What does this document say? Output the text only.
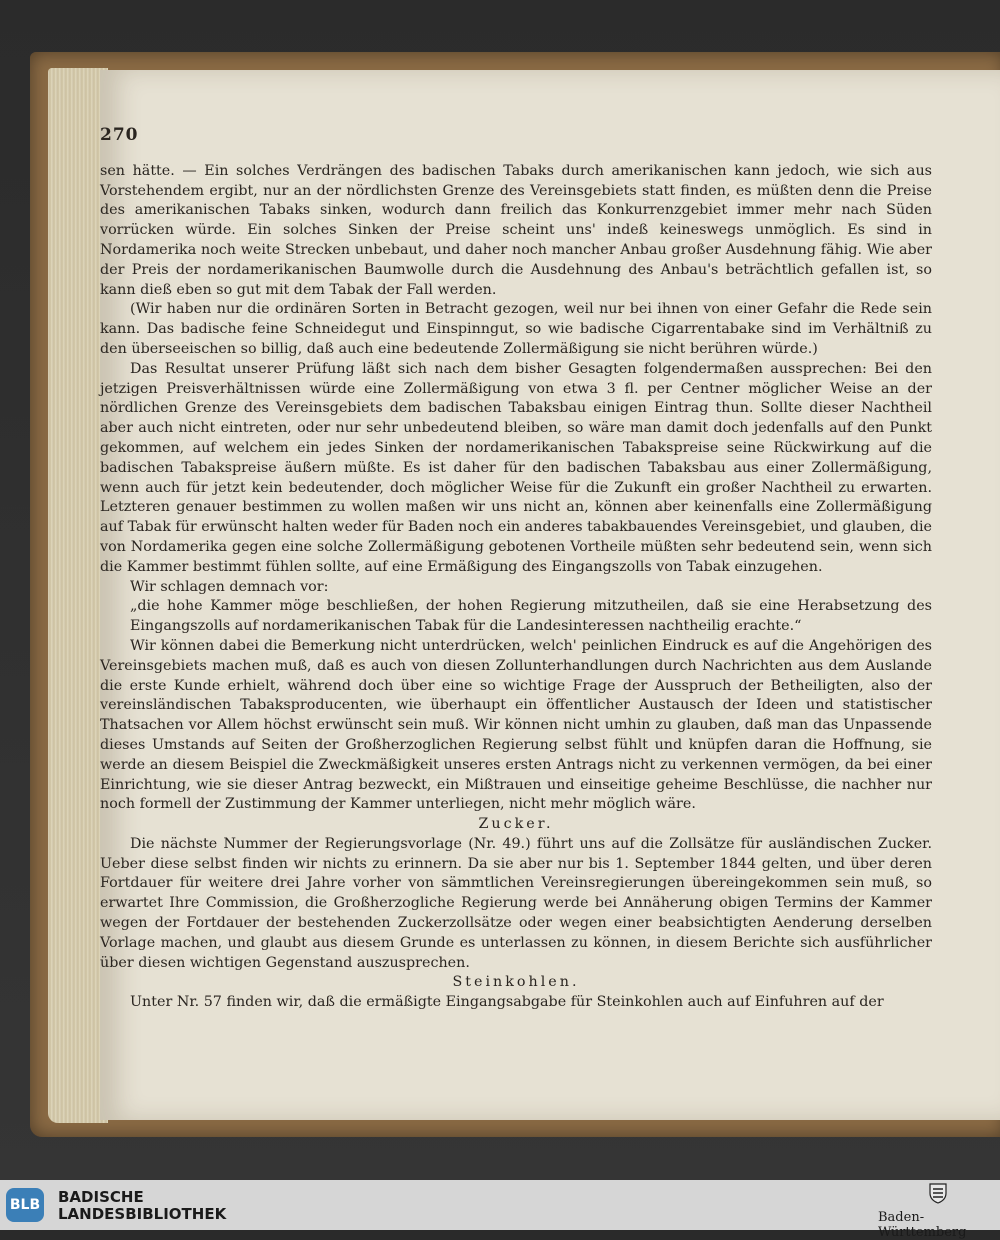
270

sen hätte. — Ein solches Verdrängen des badischen Tabaks durch amerikanischen kann jedoch, wie sich aus Vorstehendem ergibt, nur an der nördlichsten Grenze des Vereinsgebiets statt finden, es müßten denn die Preise des amerikanischen Tabaks sinken, wodurch dann freilich das Konkurrenzgebiet immer mehr nach Süden vorrücken würde. Ein solches Sinken der Preise scheint uns' indeß keineswegs unmöglich. Es sind in Nordamerika noch weite Strecken unbebaut, und daher noch mancher Anbau großer Ausdehnung fähig. Wie aber der Preis der nordamerikanischen Baumwolle durch die Ausdehnung des Anbau's beträchtlich gefallen ist, so kann dieß eben so gut mit dem Tabak der Fall werden.

(Wir haben nur die ordinären Sorten in Betracht gezogen, weil nur bei ihnen von einer Gefahr die Rede sein kann. Das badische feine Schneidegut und Einspinngut, so wie badische Cigarrentabake sind im Verhältniß zu den überseeischen so billig, daß auch eine bedeutende Zollermäßigung sie nicht berühren würde.)

Das Resultat unserer Prüfung läßt sich nach dem bisher Gesagten folgendermaßen aussprechen: Bei den jetzigen Preisverhältnissen würde eine Zollermäßigung von etwa 3 fl. per Centner möglicher Weise an der nördlichen Grenze des Vereinsgebiets dem badischen Tabaksbau einigen Eintrag thun. Sollte dieser Nachtheil aber auch nicht eintreten, oder nur sehr unbedeutend bleiben, so wäre man damit doch jedenfalls auf den Punkt gekommen, auf welchem ein jedes Sinken der nordamerikanischen Tabakspreise seine Rückwirkung auf die badischen Tabakspreise äußern müßte. Es ist daher für den badischen Tabaksbau aus einer Zollermäßigung, wenn auch für jetzt kein bedeutender, doch möglicher Weise für die Zukunft ein großer Nachtheil zu erwarten. Letzteren genauer bestimmen zu wollen maßen wir uns nicht an, können aber keinenfalls eine Zollermäßigung auf Tabak für erwünscht halten weder für Baden noch ein anderes tabakbauendes Vereinsgebiet, und glauben, die von Nordamerika gegen eine solche Zollermäßigung gebotenen Vortheile müßten sehr bedeutend sein, wenn sich die Kammer bestimmt fühlen sollte, auf eine Ermäßigung des Eingangszolls von Tabak einzugehen.

Wir schlagen demnach vor:

„die hohe Kammer möge beschließen, der hohen Regierung mitzutheilen, daß sie eine Herabsetzung des Eingangszolls auf nordamerikanischen Tabak für die Landesinteressen nachtheilig erachte.“

Wir können dabei die Bemerkung nicht unterdrücken, welch' peinlichen Eindruck es auf die Angehörigen des Vereinsgebiets machen muß, daß es auch von diesen Zollunterhandlungen durch Nachrichten aus dem Auslande die erste Kunde erhielt, während doch über eine so wichtige Frage der Ausspruch der Betheiligten, also der vereinsländischen Tabaksproducenten, wie überhaupt ein öffentlicher Austausch der Ideen und statistischer Thatsachen vor Allem höchst erwünscht sein muß. Wir können nicht umhin zu glauben, daß man das Unpassende dieses Umstands auf Seiten der Großherzoglichen Regierung selbst fühlt und knüpfen daran die Hoffnung, sie werde an diesem Beispiel die Zweckmäßigkeit unseres ersten Antrags nicht zu verkennen vermögen, da bei einer Einrichtung, wie sie dieser Antrag bezweckt, ein Mißtrauen und einseitige geheime Beschlüsse, die nachher nur noch formell der Zustimmung der Kammer unterliegen, nicht mehr möglich wäre.

Zucker.

Die nächste Nummer der Regierungsvorlage (Nr. 49.) führt uns auf die Zollsätze für ausländischen Zucker. Ueber diese selbst finden wir nichts zu erinnern. Da sie aber nur bis 1. September 1844 gelten, und über deren Fortdauer für weitere drei Jahre vorher von sämmtlichen Vereinsregierungen übereingekommen sein muß, so erwartet Ihre Commission, die Großherzogliche Regierung werde bei Annäherung obigen Termins der Kammer wegen der Fortdauer der bestehenden Zuckerzollsätze oder wegen einer beabsichtigten Aenderung derselben Vorlage machen, und glaubt aus diesem Grunde es unterlassen zu können, in diesem Berichte sich ausführlicher über diesen wichtigen Gegenstand auszusprechen.

Steinkohlen.

Unter Nr. 57 finden wir, daß die ermäßigte Eingangsabgabe für Steinkohlen auch auf Einfuhren auf der

BLB BADISCHE
LANDESBIBLIOTHEK	Baden-Württemberg
